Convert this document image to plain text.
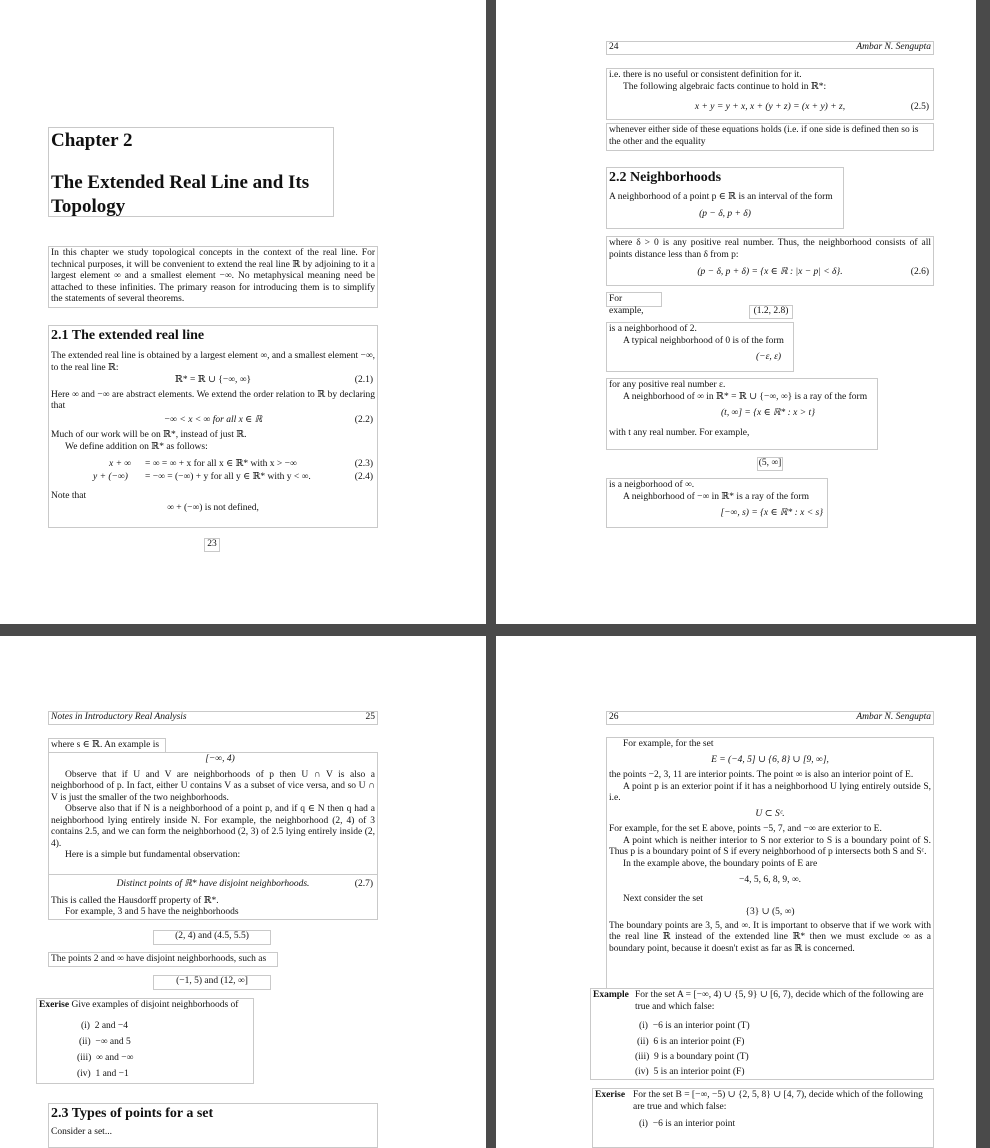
Chapter 2
The Extended Real Line and Its
Topology
In this chapter we study topological concepts in the context of the real line. For technical purposes, it will be convenient to extend the real line ℝ by adjoining to it a largest element ∞ and a smallest element −∞. No metaphysical meaning need be attached to these infinities. The primary reason for introducing them is to simplify the statements of several theorems.
2.1 The extended real line
The extended real line is obtained by a largest element ∞, and a smallest element −∞, to the real line ℝ:
ℝ* = ℝ ∪ {−∞, ∞}	(2.1)
Here ∞ and −∞ are abstract elements. We extend the order relation to ℝ by declaring that
−∞ < x < ∞ for all x ∈ ℝ	(2.2)
Much of our work will be on ℝ*, instead of just ℝ.
We define addition on ℝ* as follows:
x + ∞ = ∞ = ∞ + x for all x ∈ ℝ* with x > −∞	(2.3)
y + (−∞) = −∞ = (−∞) + y for all y ∈ ℝ* with y < ∞.	(2.4)
Note that
∞ + (−∞) is not defined,
23
24	Ambar N. Sengupta
i.e. there is no useful or consistent definition for it.
The following algebraic facts continue to hold in ℝ*:
x + y = y + x, x + (y + z) = (x + y) + z,	(2.5)
whenever either side of these equations holds (i.e. if one side is defined then so is the other and the equality
2.2 Neighborhoods
A neighborhood of a point p ∈ ℝ is an interval of the form
(p − δ, p + δ)
where δ > 0 is any positive real number. Thus, the neighborhood consists of all points distance less than δ from p:
(p − δ, p + δ) = {x ∈ ℝ : |x − p| < δ}.	(2.6)
For example,	(1.2, 2.8)
is a neighborhood of 2.
A typical neighborhood of 0 is of the form
(−ε, ε)
for any positive real number ε.
A neighborhood of ∞ in ℝ* = ℝ ∪ {−∞, ∞} is a ray of the form
(t, ∞] = {x ∈ ℝ* : x > t}
with t any real number. For example,
(5, ∞]
is a neigborhood of ∞.
A neighborhood of −∞ in ℝ* is a ray of the form
[−∞, s) = {x ∈ ℝ* : x < s}
Notes in Introductory Real Analysis	25
where s ∈ ℝ. An example is
[−∞, 4)
Observe that if U and V are neighborhoods of p then U ∩ V is also a neighborhood of p. In fact, either U contains V as a subset of vice versa, and so U ∩ V is just the smaller of the two neighborhoods.
Observe also that if N is a neighborhood of a point p, and if q ∈ N then q had a neighborhood lying entirely inside N. For example, the neighborhood (2, 4) of 3 contains 2.5, and we can form the neighborhood (2, 3) of 2.5 lying entirely inside (2, 4).
Here is a simple but fundamental observation:
Distinct points of ℝ* have disjoint neighborhoods.	(2.7)
This is called the Hausdorff property of ℝ*.
For example, 3 and 5 have the neighborhoods
(2, 4) and (4.5, 5.5)
The points 2 and ∞ have disjoint neighborhoods, such as
(−1, 5) and (12, ∞]
Exerise Give examples of disjoint neighborhoods of
(i) 2 and −4
(ii) −∞ and 5
(iii) ∞ and −∞
(iv) 1 and −1
2.3 Types of points for a set
Consider a set...
26	Ambar N. Sengupta
For example, for the set
E = (−4, 5] ∪ {6, 8} ∪ [9, ∞],
the points −2, 3, 11 are interior points. The point ∞ is also an interior point of E.
A point p is an exterior point if it has a neighborhood U lying entirely outside S, i.e.
U ⊂ Sᶜ.
For example, for the set E above, points −5, 7, and −∞ are exterior to E.
A point which is neither interior to S nor exterior to S is a boundary point of S. Thus p is a boundary point of S if every neighborhood of p intersects both S and Sᶜ.
In the example above, the boundary points of E are
−4, 5, 6, 8, 9, ∞.
Next consider the set
{3} ∪ (5, ∞)
The boundary points are 3, 5, and ∞. It is important to observe that if we work with the real line ℝ instead of the extended line ℝ* then we must exclude ∞ as a boundary point, because it doesn't exist as far as ℝ is concerned.
Example For the set A = [−∞, 4) ∪ {5, 9} ∪ [6, 7), decide which of the following are true and which false:
(i) −6 is an interior point (T)
(ii) 6 is an interior point (F)
(iii) 9 is a boundary point (T)
(iv) 5 is an interior point (F)
Exerise For the set B = [−∞, −5) ∪ {2, 5, 8} ∪ [4, 7), decide which of the following are true and which false:
(i) −6 is an interior point
